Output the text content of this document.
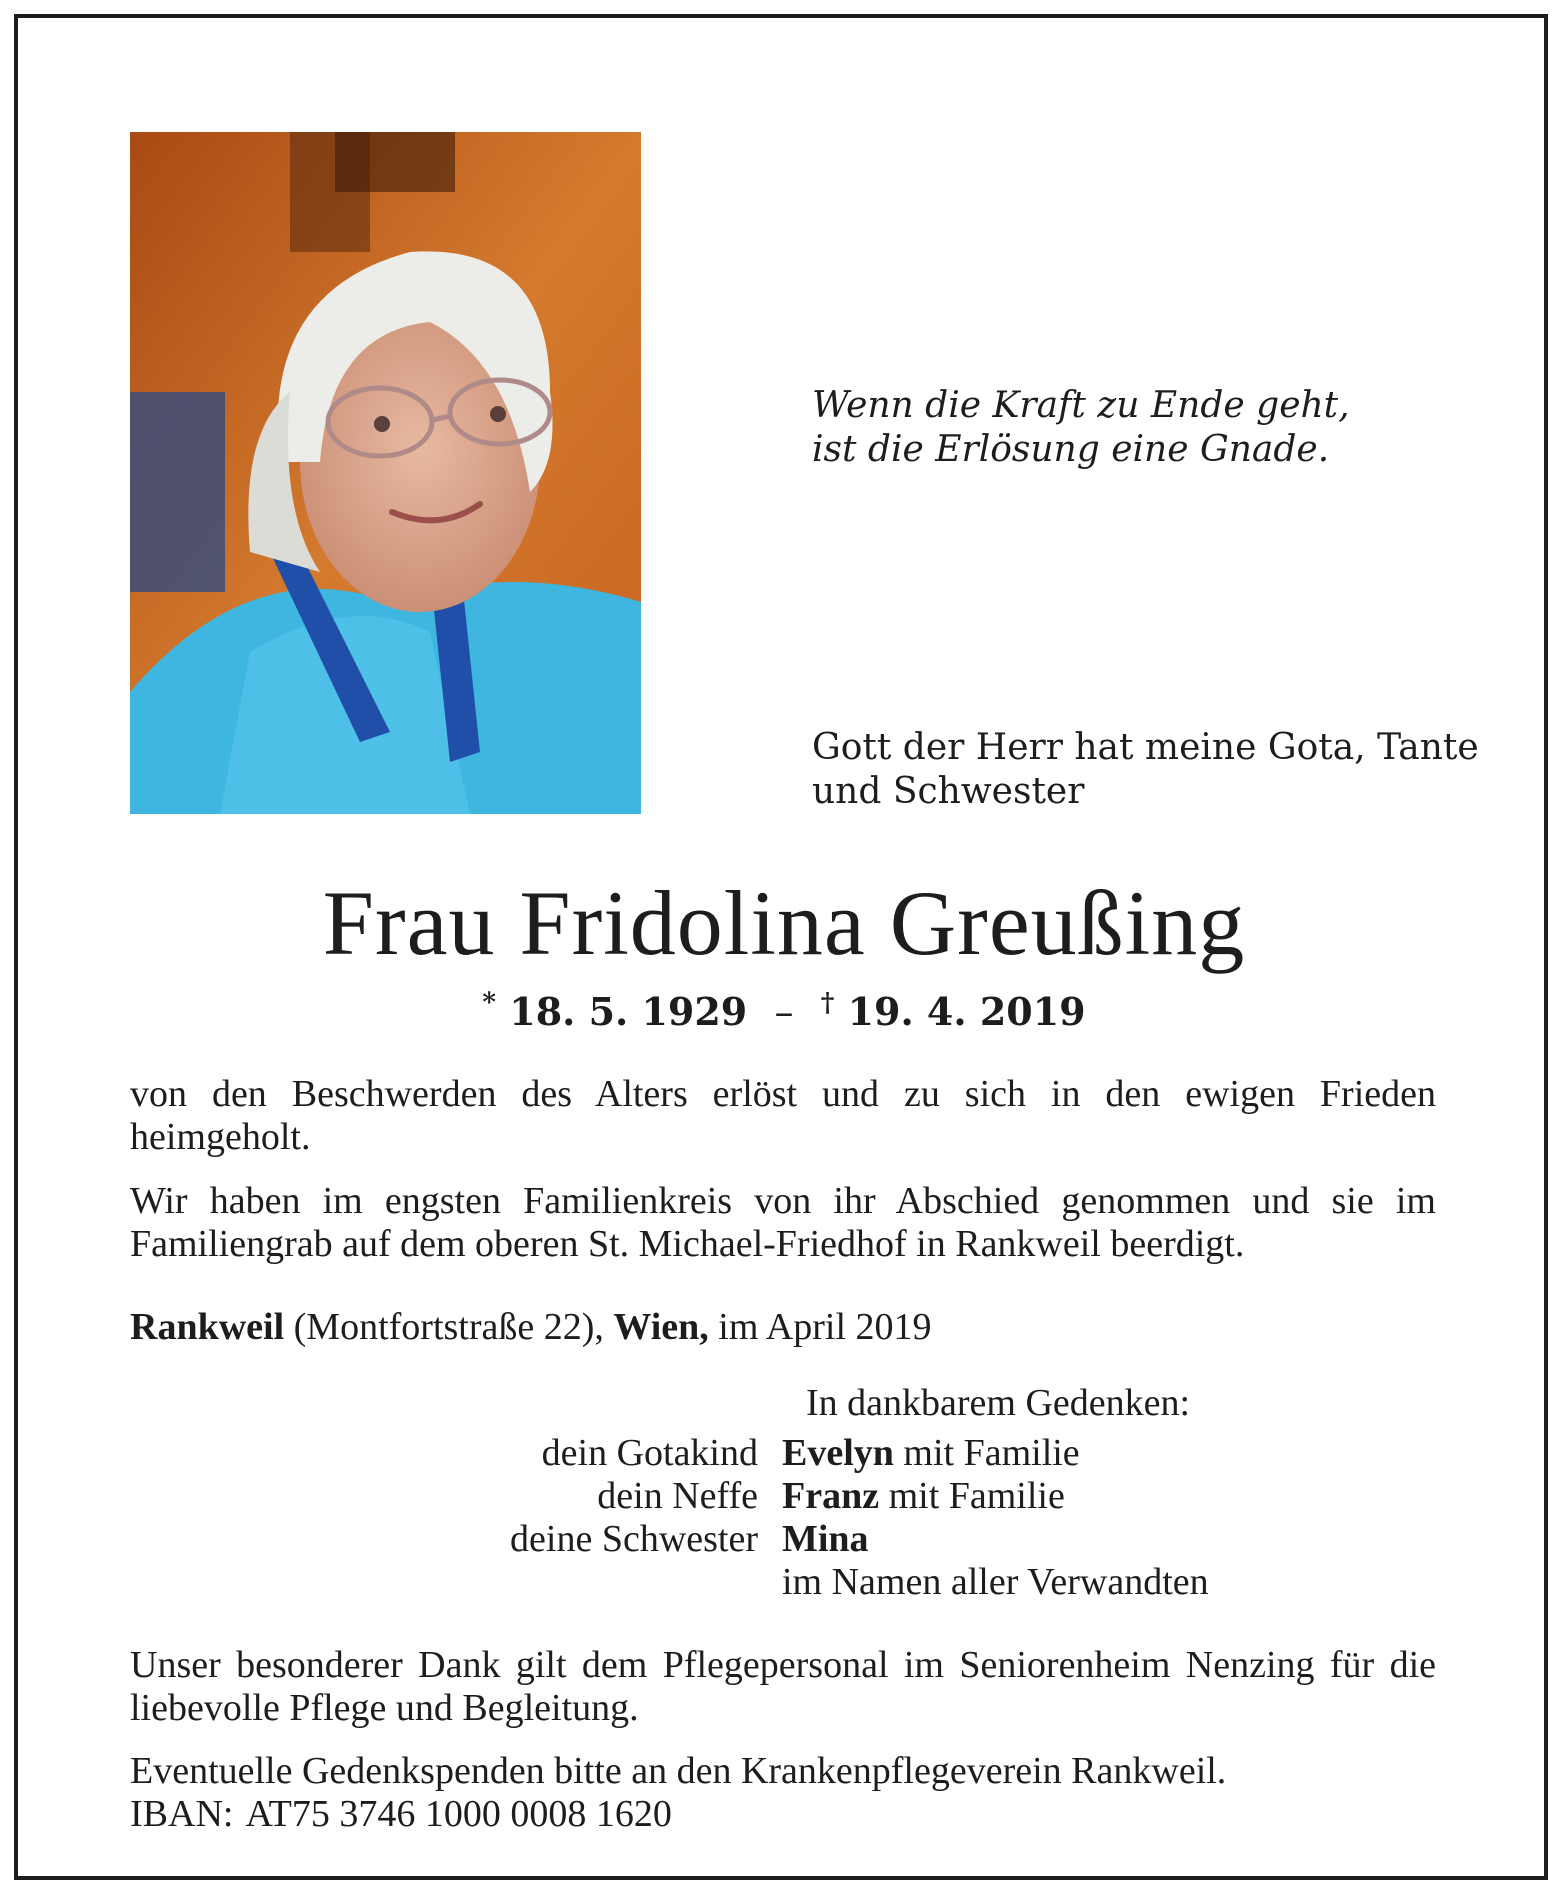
Wenn die Kraft zu Ende geht,
ist die Erlösung eine Gnade.
Gott der Herr hat meine Gota, Tante
und Schwester
Frau Fridolina Greußing
* 18. 5. 1929 – † 19. 4. 2019
von den Beschwerden des Alters erlöst und zu sich in den ewigen Frieden heimgeholt.
Wir haben im engsten Familienkreis von ihr Abschied genommen und sie im Familiengrab auf dem oberen St. Michael-Friedhof in Rankweil beerdigt.
Rankweil (Montfortstraße 22), Wien, im April 2019
In dankbarem Gedenken:
dein Gotakind Evelyn mit Familie
dein Neffe Franz mit Familie
deine Schwester Mina
im Namen aller Verwandten
Unser besonderer Dank gilt dem Pflegepersonal im Seniorenheim Nenzing für die liebevolle Pflege und Begleitung.
Eventuelle Gedenkspenden bitte an den Krankenpflegeverein Rankweil.
IBAN: AT75 3746 1000 0008 1620
